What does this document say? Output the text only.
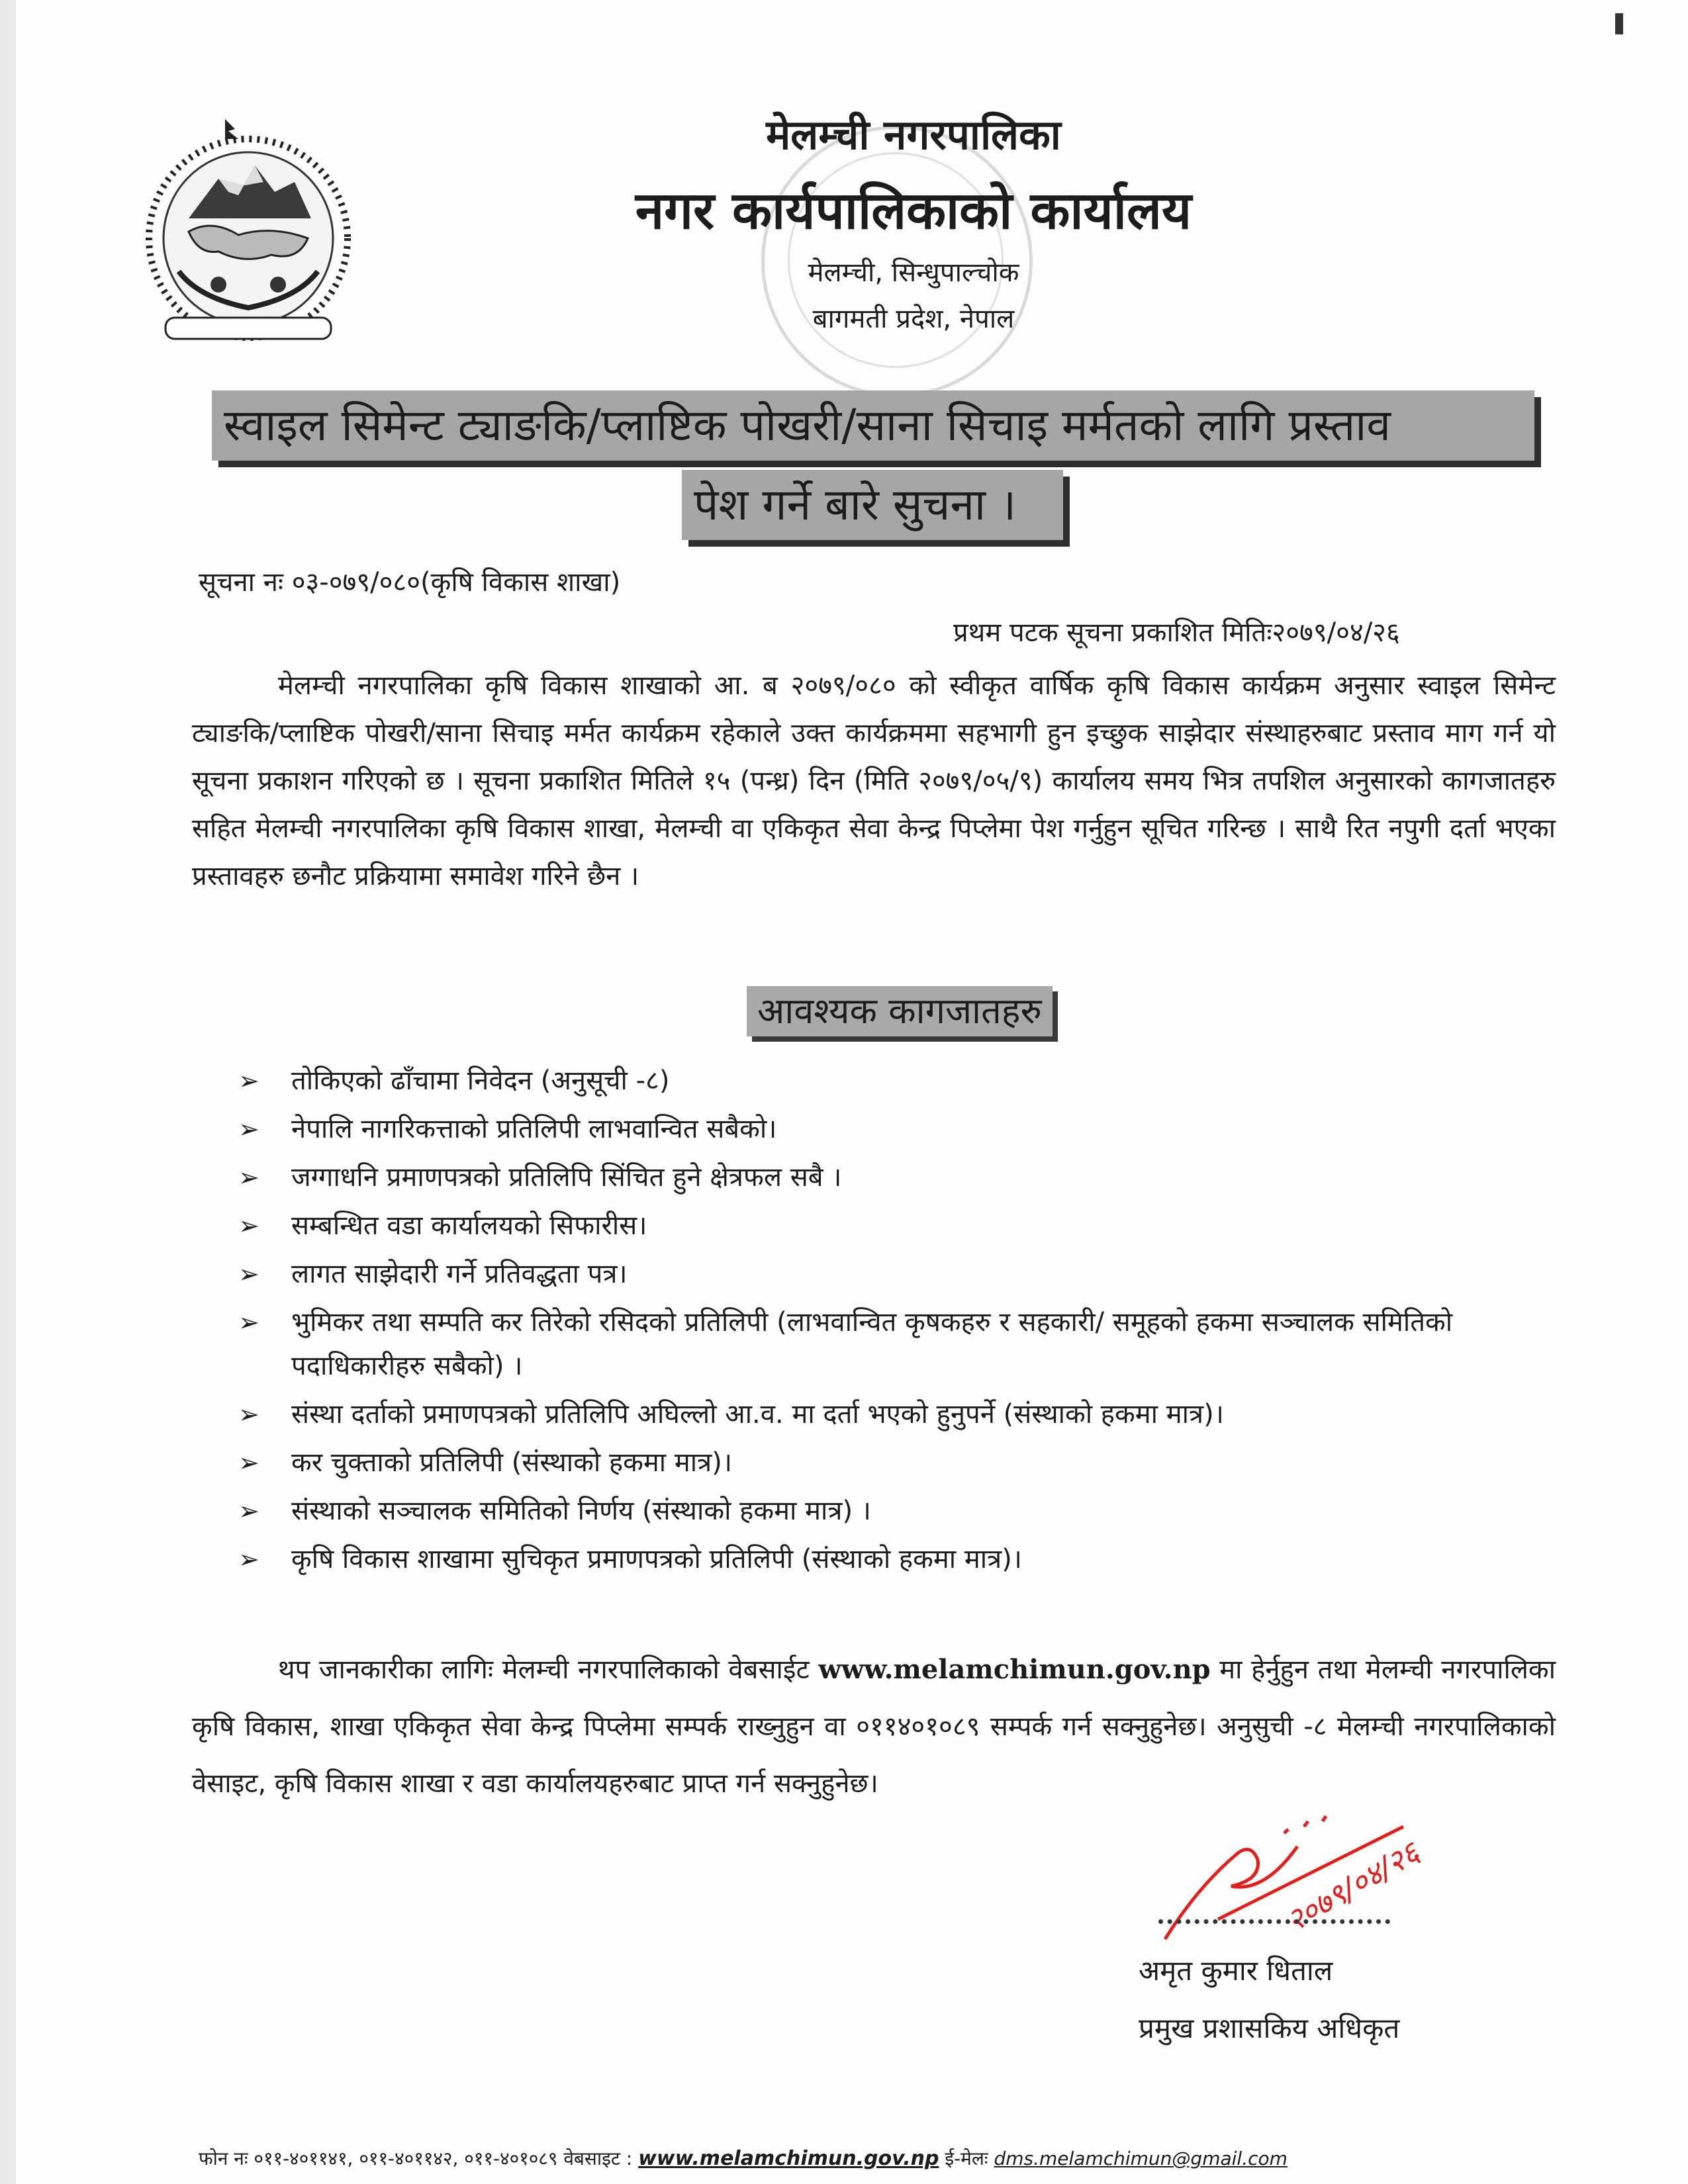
मेलम्ची नगरपालिका
नगर कार्यपालिकाको कार्यालय
मेलम्ची, सिन्धुपाल्चोक
बागमती प्रदेश, नेपाल
स्वाइल सिमेन्ट ट्याङकि/प्लाष्टिक पोखरी/साना सिचाइ मर्मतको लागि प्रस्ताव
पेश गर्ने बारे सुचना ।
सूचना नः ०३-०७९/०८०(कृषि विकास शाखा)
प्रथम पटक सूचना प्रकाशित मितिः२०७९/०४/२६
मेलम्ची नगरपालिका कृषि विकास शाखाको आ. ब २०७९/०८० को स्वीकृत वार्षिक कृषि विकास कार्यक्रम अनुसार स्वाइल सिमेन्ट ट्याङकि/प्लाष्टिक पोखरी/साना सिचाइ मर्मत कार्यक्रम रहेकाले उक्त कार्यक्रममा सहभागी हुन इच्छुक साझेदार संस्थाहरुबाट प्रस्ताव माग गर्न यो सूचना प्रकाशन गरिएको छ । सूचना प्रकाशित मितिले १५ (पन्ध्र) दिन (मिति २०७९/०५/९) कार्यालय समय भित्र तपशिल अनुसारको कागजातहरु सहित मेलम्ची नगरपालिका कृषि विकास शाखा, मेलम्ची वा एकिकृत सेवा केन्द्र पिप्लेमा पेश गर्नुहुन सूचित गरिन्छ । साथै रित नपुगी दर्ता भएका प्रस्तावहरु छनौट प्रक्रियामा समावेश गरिने छैन ।
आवश्यक कागजातहरु
➢ तोकिएको ढाँचामा निवेदन (अनुसूची -८)
➢ नेपालि नागरिकत्ताको प्रतिलिपी लाभवान्वित सबैको।
➢ जग्गाधनि प्रमाणपत्रको प्रतिलिपि सिंचित हुने क्षेत्रफल सबै ।
➢ सम्बन्धित वडा कार्यालयको सिफारीस।
➢ लागत साझेदारी गर्ने प्रतिवद्धता पत्र।
➢ भुमिकर तथा सम्पति कर तिरेको रसिदको प्रतिलिपी (लाभवान्वित कृषकहरु र सहकारी/ समूहको हकमा सञ्चालक समितिको पदाधिकारीहरु सबैको) ।
➢ संस्था दर्ताको प्रमाणपत्रको प्रतिलिपि अघिल्लो आ.व. मा दर्ता भएको हुनुपर्ने (संस्थाको हकमा मात्र)।
➢ कर चुक्ताको प्रतिलिपी (संस्थाको हकमा मात्र)।
➢ संस्थाको सञ्चालक समितिको निर्णय (संस्थाको हकमा मात्र) ।
➢ कृषि विकास शाखामा सुचिकृत प्रमाणपत्रको प्रतिलिपी (संस्थाको हकमा मात्र)।
थप जानकारीका लागिः मेलम्ची नगरपालिकाको वेबसाईट www.melamchimun.gov.np मा हेर्नुहुन तथा मेलम्ची नगरपालिका कृषि विकास, शाखा एकिकृत सेवा केन्द्र पिप्लेमा सम्पर्क राख्नुहुन वा ०११४०१०८९ सम्पर्क गर्न सक्नुहुनेछ। अनुसुची -८ मेलम्ची नगरपालिकाको वेसाइट, कृषि विकास शाखा र वडा कार्यालयहरुबाट प्राप्त गर्न सक्नुहुनेछ।
२०७९/०४/२६
अमृत कुमार धिताल
प्रमुख प्रशासकिय अधिकृत
फोन नः ०११-४०११४१, ०११-४०११४२, ०११-४०१०८९ वेबसाइट : www.melamchimun.gov.np ई-मेलः dms.melamchimun@gmail.com
